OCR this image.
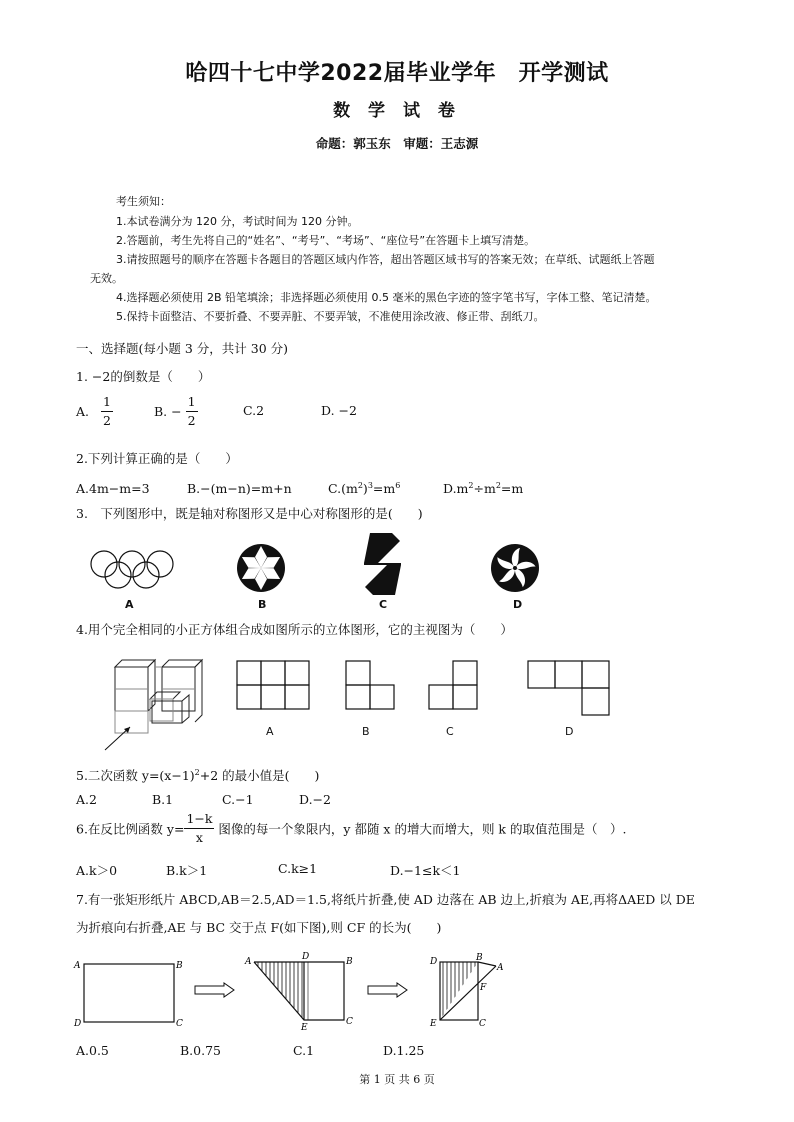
哈四十七中学2022届毕业学年　开学测试
数 学 试 卷
命题：郭玉东　审题：王志源
考生须知：
1.本试卷满分为 120 分，考试时间为 120 分钟。
2.答题前，考生先将自己的“姓名”、“考号”、“考场”、“座位号”在答题卡上填写清楚。
3.请按照题号的顺序在答题卡各题目的答题区域内作答，超出答题区域书写的答案无效；在草纸、试题纸上答题
无效。
4.选择题必须使用 2B 铅笔填涂；非选择题必须使用 0.5 毫米的黑色字迹的签字笔书写，字体工整、笔记清楚。
5.保持卡面整洁、不要折叠、不要弄脏、不要弄皱，不准使用涂改液、修正带、刮纸刀。
一、选择题(每小题 3 分，共计 30 分)
1. −2的倒数是（　　）
A. $\frac{1}{2}$	B. − $\frac{1}{2}$	C.2	D. −2
2.下列计算正确的是（　　）
A.4m−m=3	B.−(m−n)=m+n	$C.(m^2)^3=m^6$	$D.m^2\div m^2=m$
3.　下列图形中，既是轴对称图形又是中心对称图形的是(　　)
A	B	C	D
4.用个完全相同的小正方体组合成如图所示的立体图形，它的主视图为（　　）
A	B	C	D
5.二次函数 $y=(x-1)^2+2$ 的最小值是(　　)
A.2	B.1	C.−1	D.−2
6.在反比例函数 $y= \frac{1-k}{x}$ 图像的每一个象限内，y 都随 x 的增大而增大，则 k 的取值范围是（　）.
A.k＞0	B.k＞1	C.k≥1	D.−1≤k＜1
7.有一张矩形纸片 ABCD,AB＝2.5,AD＝1.5,将纸片折叠,使 AD 边落在 AB 边上,折痕为 AE,再将ΔAED 以 DE
为折痕向右折叠,AE 与 BC 交于点 F(如下图),则 CF 的长为(　　)
A	B
D	C
A	D	B
E
C
D	B
A
F
E	C
A.0.5	B.0.75	C.1	D.1.25
第 1 页 共 6 页
